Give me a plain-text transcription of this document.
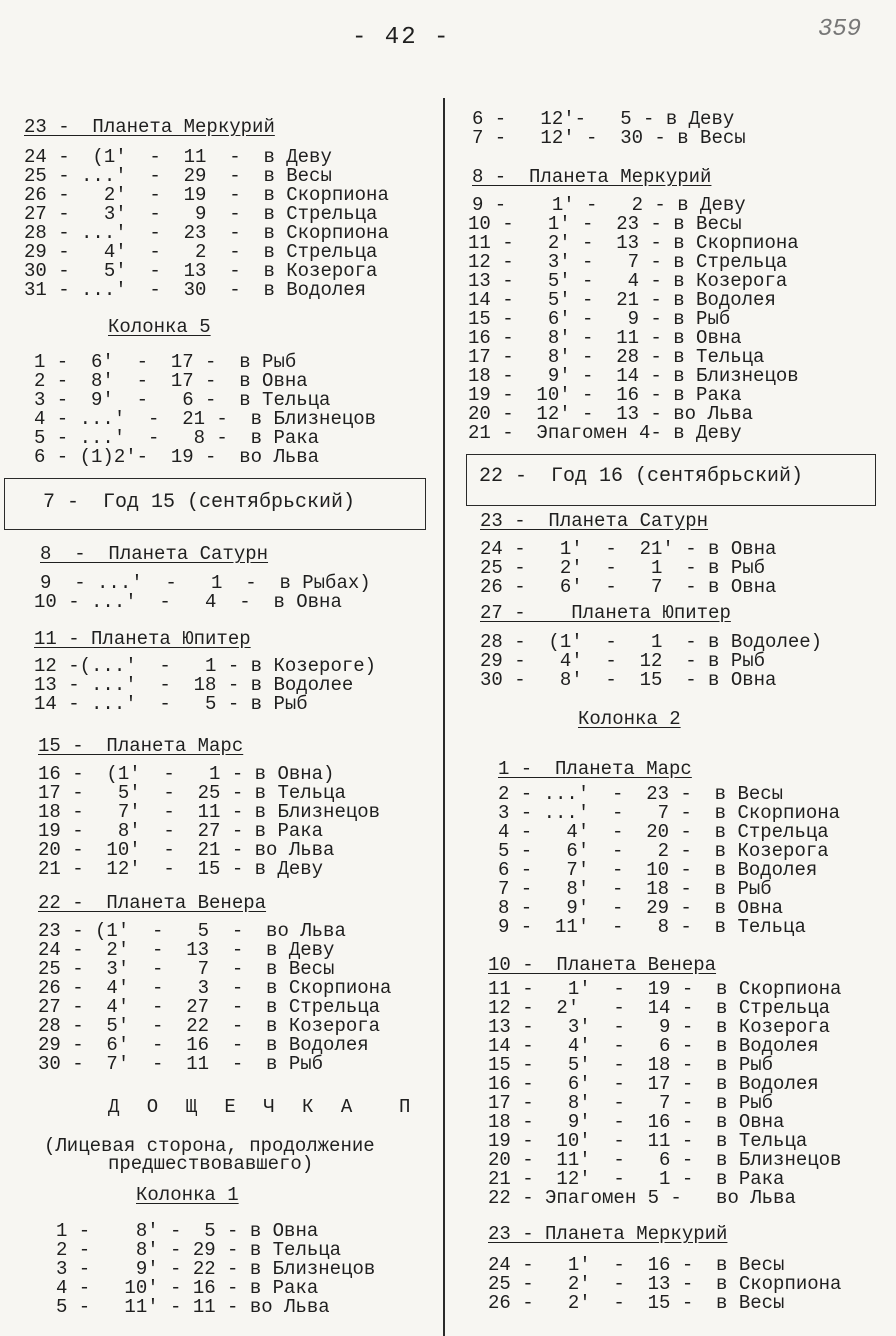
- 42 -	359
23 -  Планета Меркурий
24 -  (1'  -  11  -  в Деву
25 - ...'  -  29  -  в Весы
26 -   2'  -  19  -  в Скорпиона
27 -   3'  -   9  -  в Стрельца
28 - ...'  -  23  -  в Скорпиона
29 -   4'  -   2  -  в Стрельца
30 -   5'  -  13  -  в Козерога
31 - ...'  -  30  -  в Водолея
Колонка 5
1 -  6'  -  17 -  в Рыб
2 -  8'  -  17 -  в Овна
3 -  9'  -   6 -  в Тельца
4 - ...'  -  21 -  в Близнецов
5 - ...'  -   8 -  в Рака
6 - (1)2'-  19 -  во Льва
7 -  Год 15 (сентябрьский)
8  -  Планета Сатурн
9  - ...'  -   1  -  в Рыбах)
10 - ...'  -   4  -  в Овна
11 - Планета Юпитер
12 -(...'  -   1 - в Козероге)
13 - ...'  -  18 - в Водолее
14 - ...'  -   5 - в Рыб
15 -  Планета Марс
16 -  (1'  -   1 - в Овна)
17 -   5'  -  25 - в Тельца
18 -   7'  -  11 - в Близнецов
19 -   8'  -  27 - в Рака
20 -  10'  -  21 - во Льва
21 -  12'  -  15 - в Деву
22 -  Планета Венера
23 - (1'  -   5  -  во Льва
24 -  2'  -  13  -  в Деву
25 -  3'  -   7  -  в Весы
26 -  4'  -   3  -  в Скорпиона
27 -  4'  -  27  -  в Стрельца
28 -  5'  -  22  -  в Козерога
29 -  6'  -  16  -  в Водолея
30 -  7'  -  11  -  в Рыб
Д О Щ Е Ч К А  П
(Лицевая сторона, продолжение
предшествовавшего)
Колонка 1
1 -    8' -  5 - в Овна
2 -    8' - 29 - в Тельца
3 -    9' - 22 - в Близнецов
4 -   10' - 16 - в Рака
5 -   11' - 11 - во Льва
6 -   12'-   5 - в Деву
7 -   12' -  30 - в Весы
8 -  Планета Меркурий
9 -    1' -   2 - в Деву
10 -   1' -  23 - в Весы
11 -   2' -  13 - в Скорпиона
12 -   3' -   7 - в Стрельца
13 -   5' -   4 - в Козерога
14 -   5' -  21 - в Водолея
15 -   6' -   9 - в Рыб
16 -   8' -  11 - в Овна
17 -   8' -  28 - в Тельца
18 -   9' -  14 - в Близнецов
19 -  10' -  16 - в Рака
20 -  12' -  13 - во Льва
21 -  Эпагомен 4- в Деву
22 -  Год 16 (сентябрьский)
23 -  Планета Сатурн
24 -   1'  -  21' - в Овна
25 -   2'  -   1  - в Рыб
26 -   6'  -   7  - в Овна
27 -    Планета Юпитер
28 -  (1'  -   1  - в Водолее)
29 -   4'  -  12  - в Рыб
30 -   8'  -  15  - в Овна
Колонка 2
1 -  Планета Марс
2 - ...'  -  23 -  в Весы
3 - ...'  -   7 -  в Скорпиона
4 -   4'  -  20 -  в Стрельца
5 -   6'  -   2 -  в Козерога
6 -   7'  -  10 -  в Водолея
7 -   8'  -  18 -  в Рыб
8 -   9'  -  29 -  в Овна
9 -  11'  -   8 -  в Тельца
10 -  Планета Венера
11 -   1'  -  19 -  в Скорпиона
12 -  2'   -  14 -  в Стрельца
13 -   3'  -   9 -  в Козерога
14 -   4'  -   6 -  в Водолея
15 -   5'  -  18 -  в Рыб
16 -   6'  -  17 -  в Водолея
17 -   8'  -   7 -  в Рыб
18 -   9'  -  16 -  в Овна
19 -  10'  -  11 -  в Тельца
20 -  11'  -   6 -  в Близнецов
21 -  12'  -   1 -  в Рака
22 - Эпагомен 5 -   во Льва
23 - Планета Меркурий
24 -   1'  -  16 -  в Весы
25 -   2'  -  13 -  в Скорпиона
26 -   2'  -  15 -  в Весы
